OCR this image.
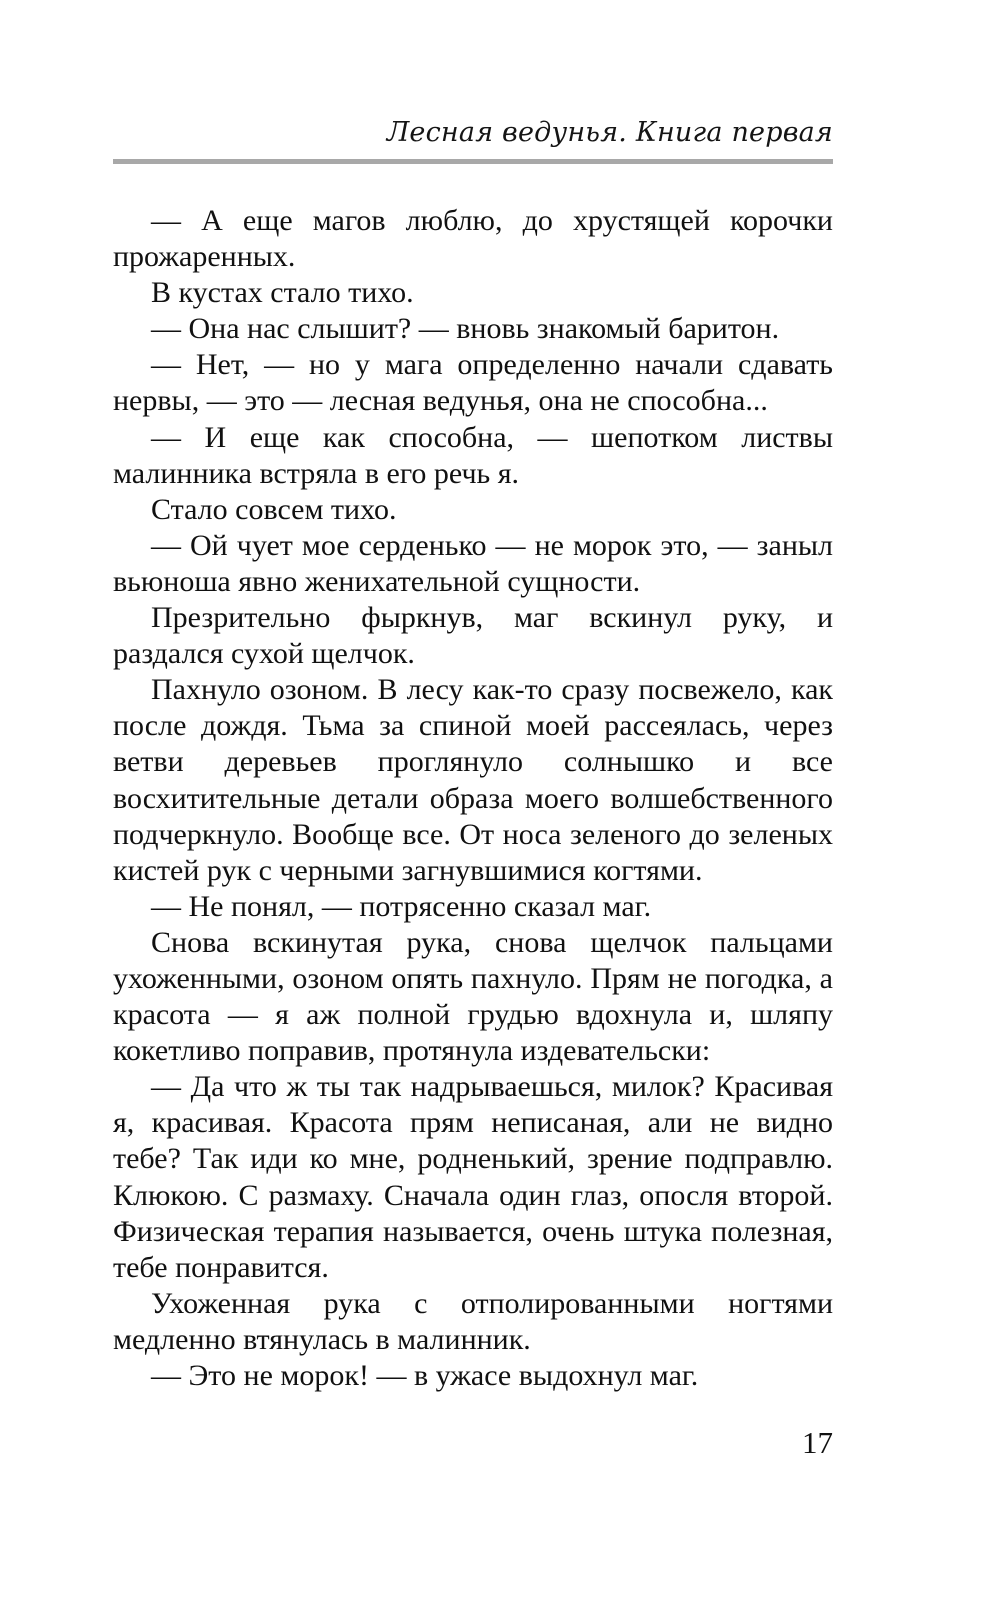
Лесная ведунья. Книга первая

— А еще магов люблю, до хрустящей корочки прожаренных.

В кустах стало тихо.

— Она нас слышит? — вновь знакомый баритон.

— Нет, — но у мага определенно начали сдавать нервы, — это — лесная ведунья, она не способна...

— И еще как способна, — шепотком листвы малинника встряла в его речь я.

Стало совсем тихо.

— Ой чует мое серденько — не морок это, — заныл вьюноша явно женихательной сущности.

Презрительно фыркнув, маг вскинул руку, и раздался сухой щелчок.

Пахнуло озоном. В лесу как-то сразу посвежело, как после дождя. Тьма за спиной моей рассеялась, через ветви деревьев проглянуло солнышко и все восхитительные детали образа моего волшебственного подчеркнуло. Вообще все. От носа зеленого до зеленых кистей рук с черными загнувшимися когтями.

— Не понял, — потрясенно сказал маг.

Снова вскинутая рука, снова щелчок пальцами ухоженными, озоном опять пахнуло. Прям не погодка, а красота — я аж полной грудью вдохнула и, шляпу кокетливо поправив, протянула издевательски:

— Да что ж ты так надрываешься, милок? Красивая я, красивая. Красота прям неписаная, али не видно тебе? Так иди ко мне, родненький, зрение подправлю. Клюкою. С размаху. Сначала один глаз, опосля второй. Физическая терапия называется, очень штука полезная, тебе понравится.

Ухоженная рука с отполированными ногтями медленно втянулась в малинник.

— Это не морок! — в ужасе выдохнул маг.

17
